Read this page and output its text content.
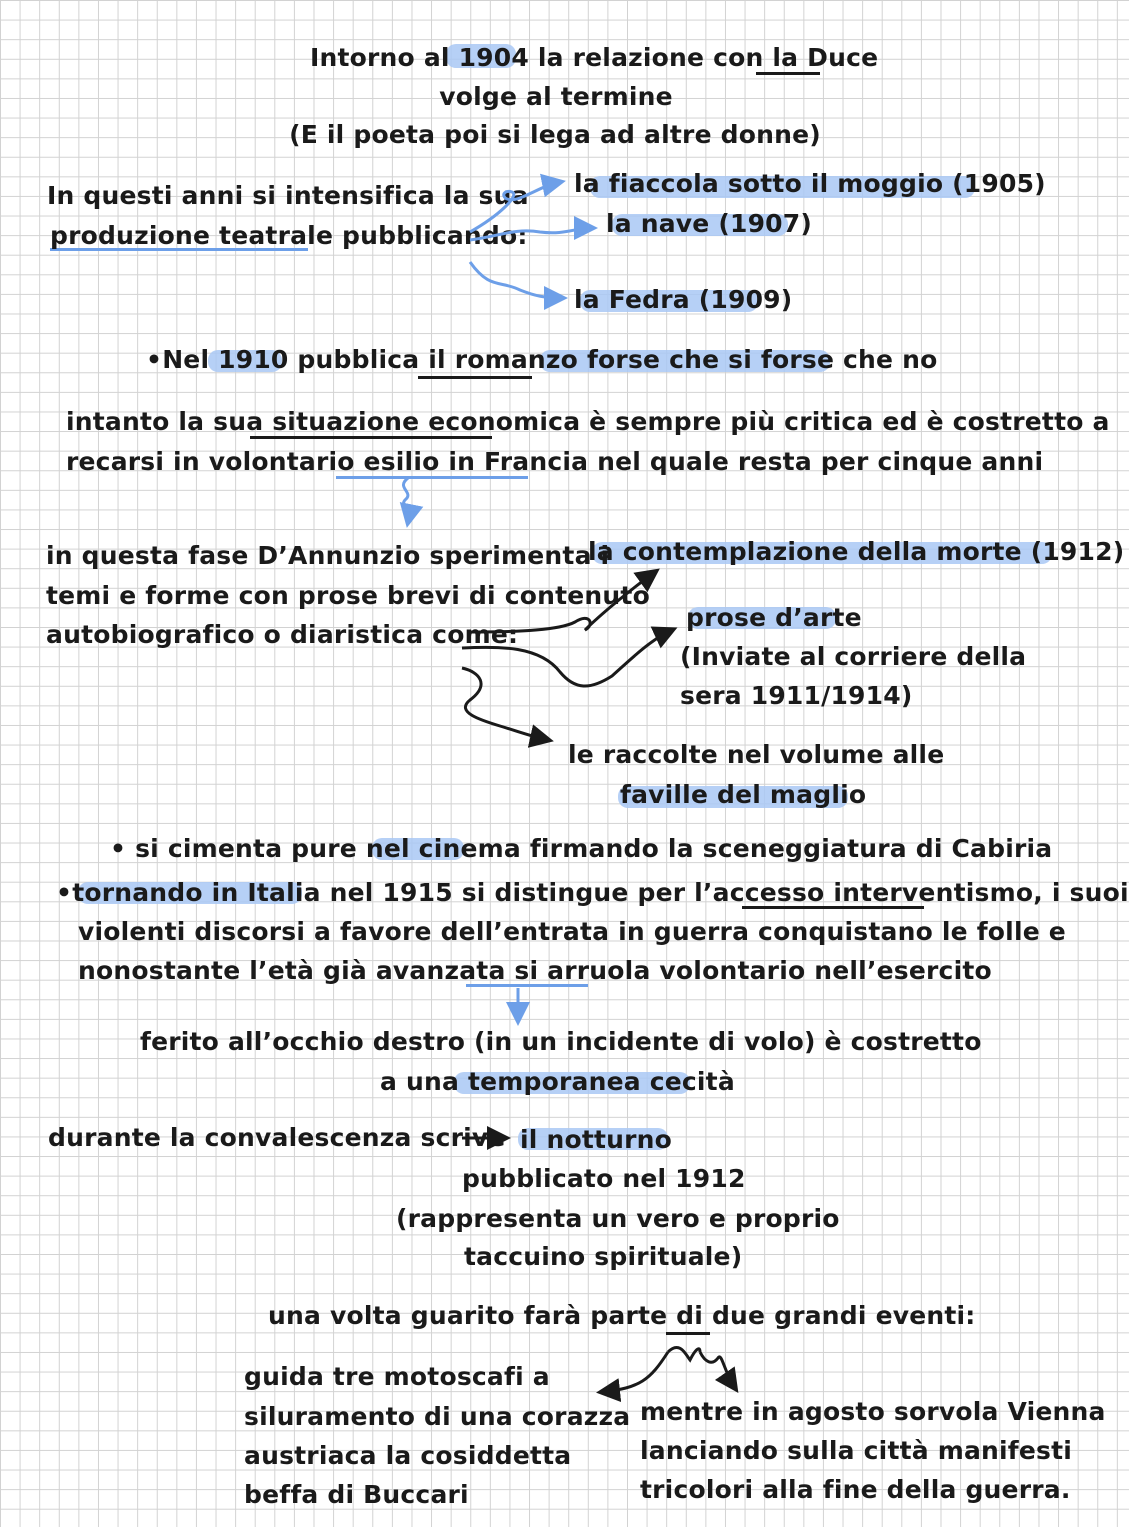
Intorno al 1904 la relazione con la Duce
volge al termine
(E il poeta poi si lega ad altre donne)
In questi anni si intensifica la sua
produzione teatrale pubblicando:
la fiaccola sotto il moggio (1905)
la nave (1907)
la Fedra (1909)
•Nel 1910 pubblica il romanzo forse che si forse che no
intanto la sua situazione economica è sempre più critica ed è costretto a
recarsi in volontario esilio in Francia nel quale resta per cinque anni
in questa fase D’Annunzio sperimenta i
temi e forme con prose brevi di contenuto
autobiografico o diaristica come:
la contemplazione della morte (1912)
prose d’arte
(Inviate al corriere della
sera 1911/1914)
le raccolte nel volume alle
faville del maglio
• si cimenta pure nel cinema firmando la sceneggiatura di Cabiria
•tornando in Italia nel 1915 si distingue per l’accesso interventismo, i suoi
violenti discorsi a favore dell’entrata in guerra conquistano le folle e
nonostante l’età già avanzata si arruola volontario nell’esercito
ferito all’occhio destro (in un incidente di volo) è costretto
a una temporanea cecità
durante la convalescenza scrive il notturno
pubblicato nel 1912
(rappresenta un vero e proprio
taccuino spirituale)
una volta guarito farà parte di due grandi eventi:
guida tre motoscafi a
siluramento di una corazza
austriaca la cosiddetta
beffa di Buccari
mentre in agosto sorvola Vienna
lanciando sulla città manifesti
tricolori alla fine della guerra.
